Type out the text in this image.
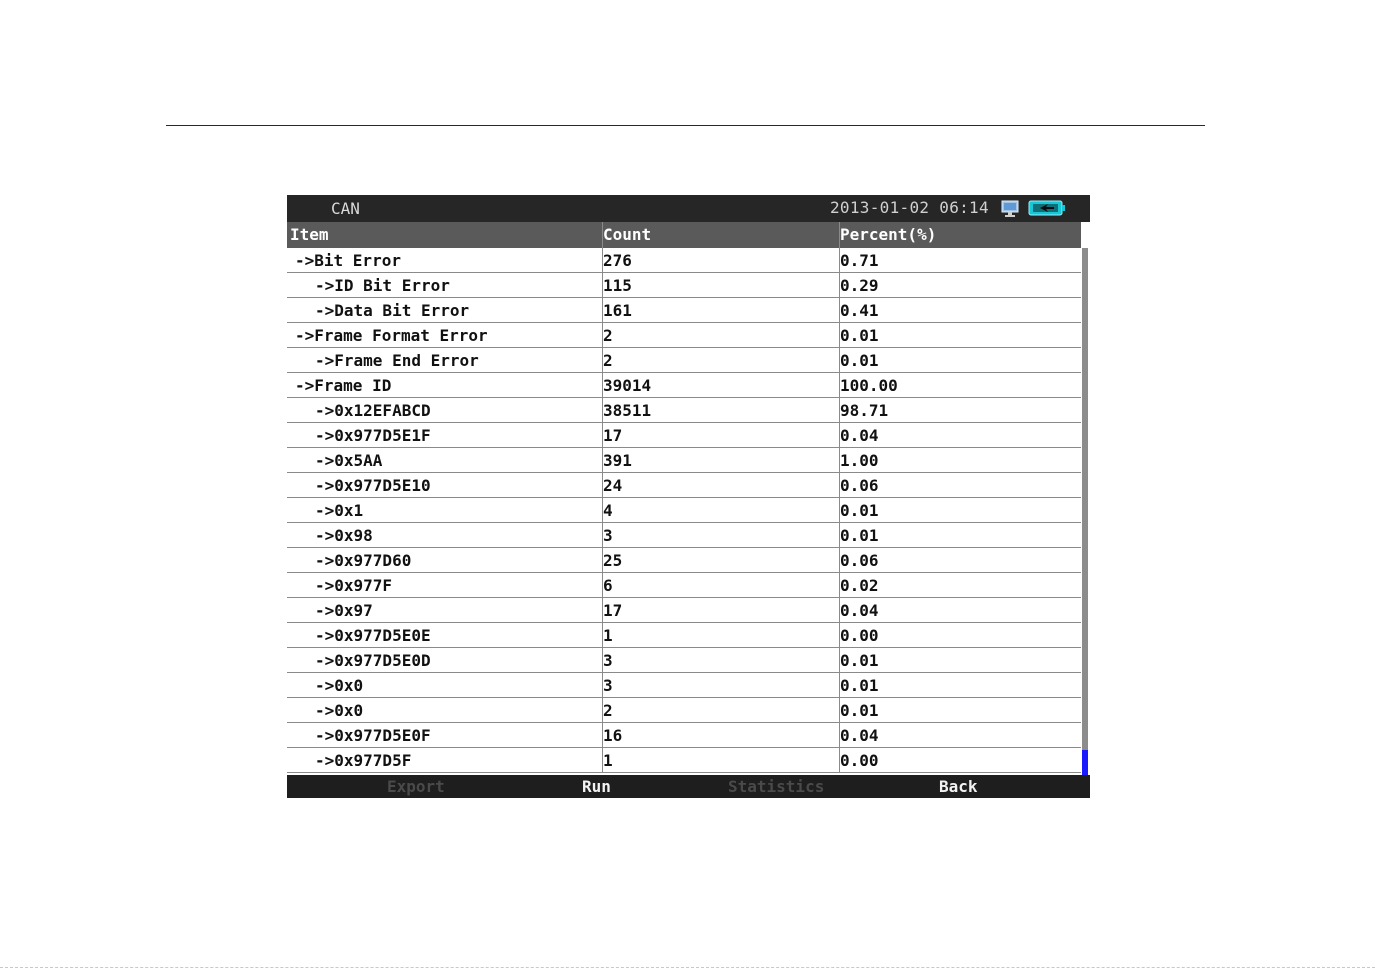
CAN	2013-01-02 06:14
Item	Count	Percent(%)
->Bit Error	276	0.71
->ID Bit Error	115	0.29
->Data Bit Error	161	0.41
->Frame Format Error	2	0.01
->Frame End Error	2	0.01
->Frame ID	39014	100.00
->0x12EFABCD	38511	98.71
->0x977D5E1F	17	0.04
->0x5AA	391	1.00
->0x977D5E10	24	0.06
->0x1	4	0.01
->0x98	3	0.01
->0x977D60	25	0.06
->0x977F	6	0.02
->0x97	17	0.04
->0x977D5E0E	1	0.00
->0x977D5E0D	3	0.01
->0x0	3	0.01
->0x0	2	0.01
->0x977D5E0F	16	0.04
->0x977D5F	1	0.00
Export	Run	Statistics	Back
